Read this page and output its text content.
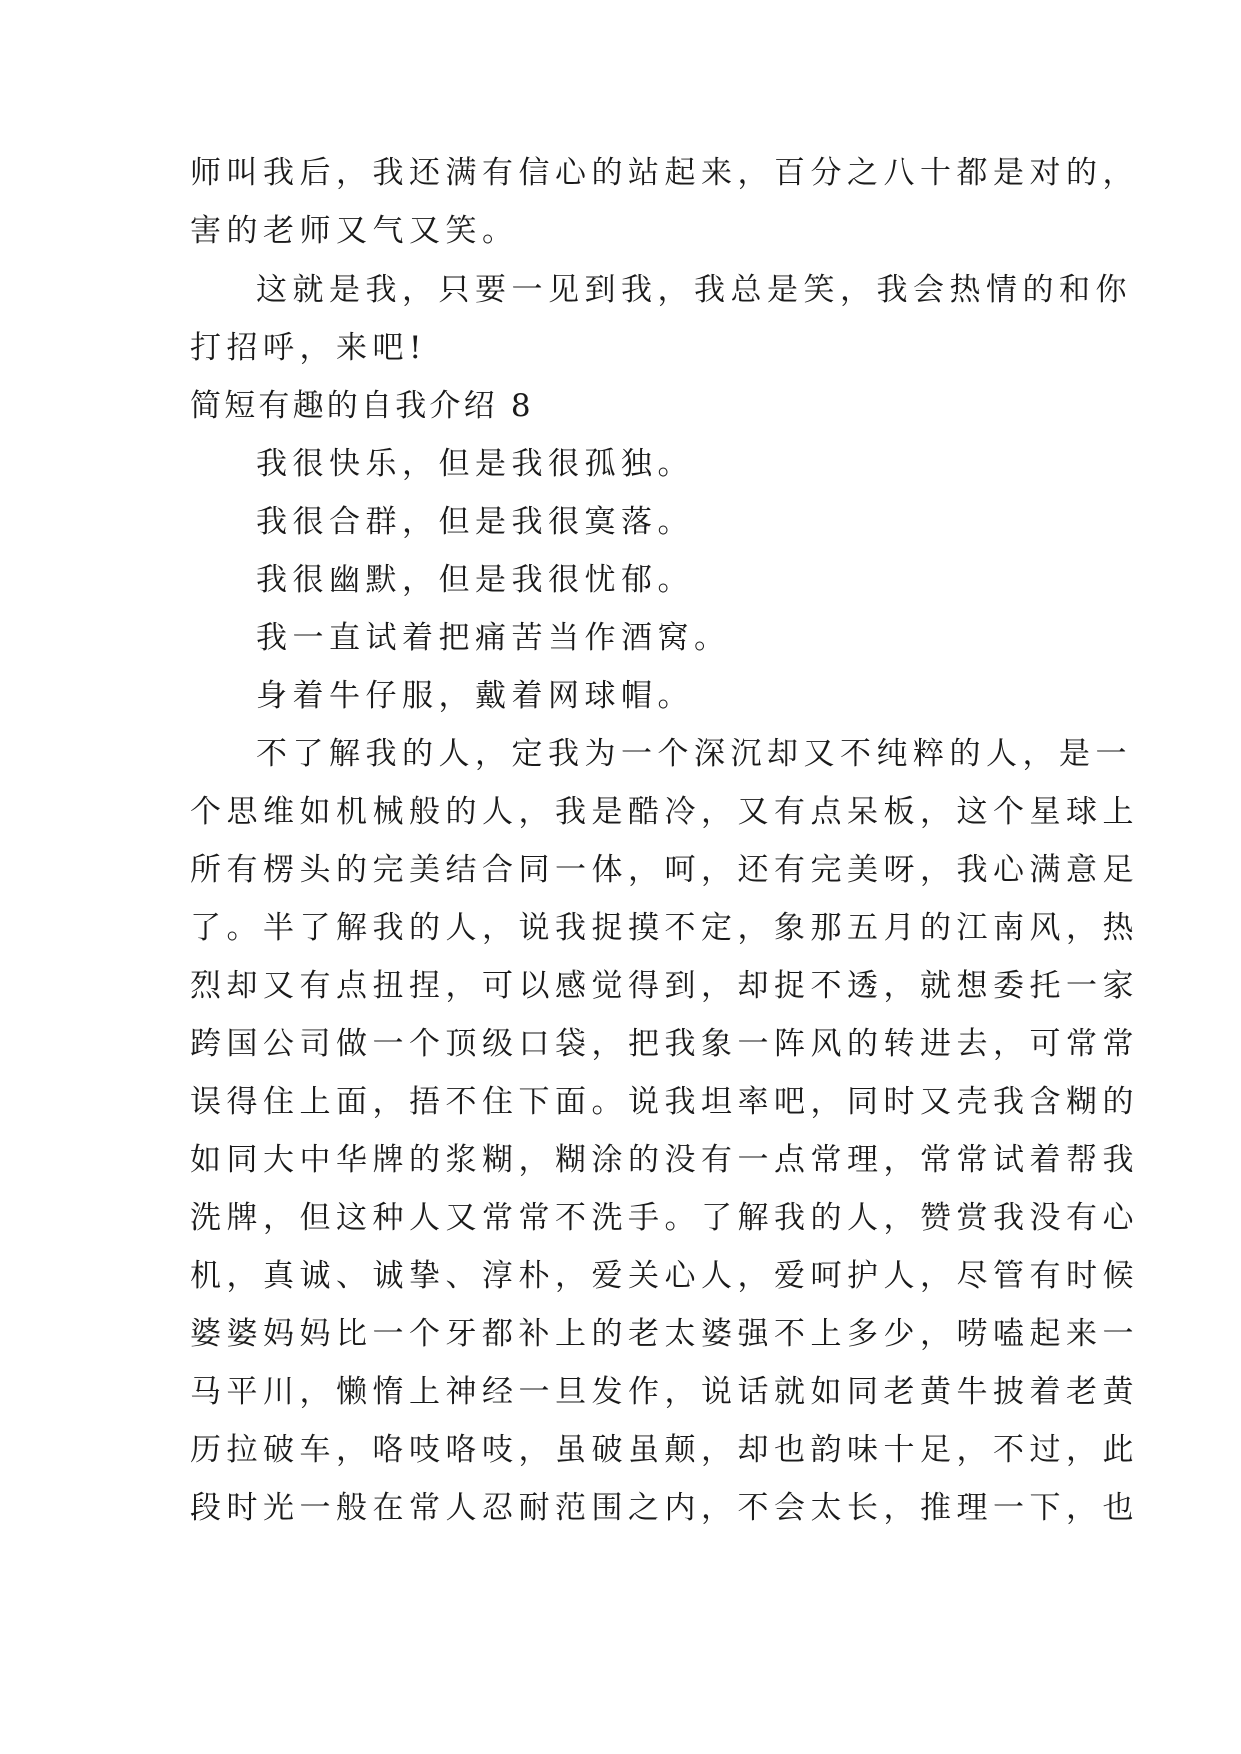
师叫我后，我还满有信心的站起来，百分之八十都是对的，
害的老师又气又笑。
这就是我，只要一见到我，我总是笑，我会热情的和你
打招呼，来吧!
简短有趣的自我介绍 8
我很快乐，但是我很孤独。
我很合群，但是我很寞落。
我很幽默，但是我很忧郁。
我一直试着把痛苦当作酒窝。
身着牛仔服，戴着网球帽。
不了解我的人，定我为一个深沉却又不纯粹的人，是一
个思维如机械般的人，我是酷冷，又有点呆板，这个星球上
所有楞头的完美结合同一体，呵，还有完美呀，我心满意足
了。半了解我的人，说我捉摸不定，象那五月的江南风，热
烈却又有点扭捏，可以感觉得到，却捉不透，就想委托一家
跨国公司做一个顶级口袋，把我象一阵风的转进去，可常常
误得住上面，捂不住下面。说我坦率吧，同时又壳我含糊的
如同大中华牌的浆糊，糊涂的没有一点常理，常常试着帮我
洗牌，但这种人又常常不洗手。了解我的人，赞赏我没有心
机，真诚、诚挚、淳朴，爱关心人，爱呵护人，尽管有时候
婆婆妈妈比一个牙都补上的老太婆强不上多少，唠嗑起来一
马平川，懒惰上神经一旦发作，说话就如同老黄牛披着老黄
历拉破车，咯吱咯吱，虽破虽颠，却也韵味十足，不过，此
段时光一般在常人忍耐范围之内，不会太长，推理一下，也
